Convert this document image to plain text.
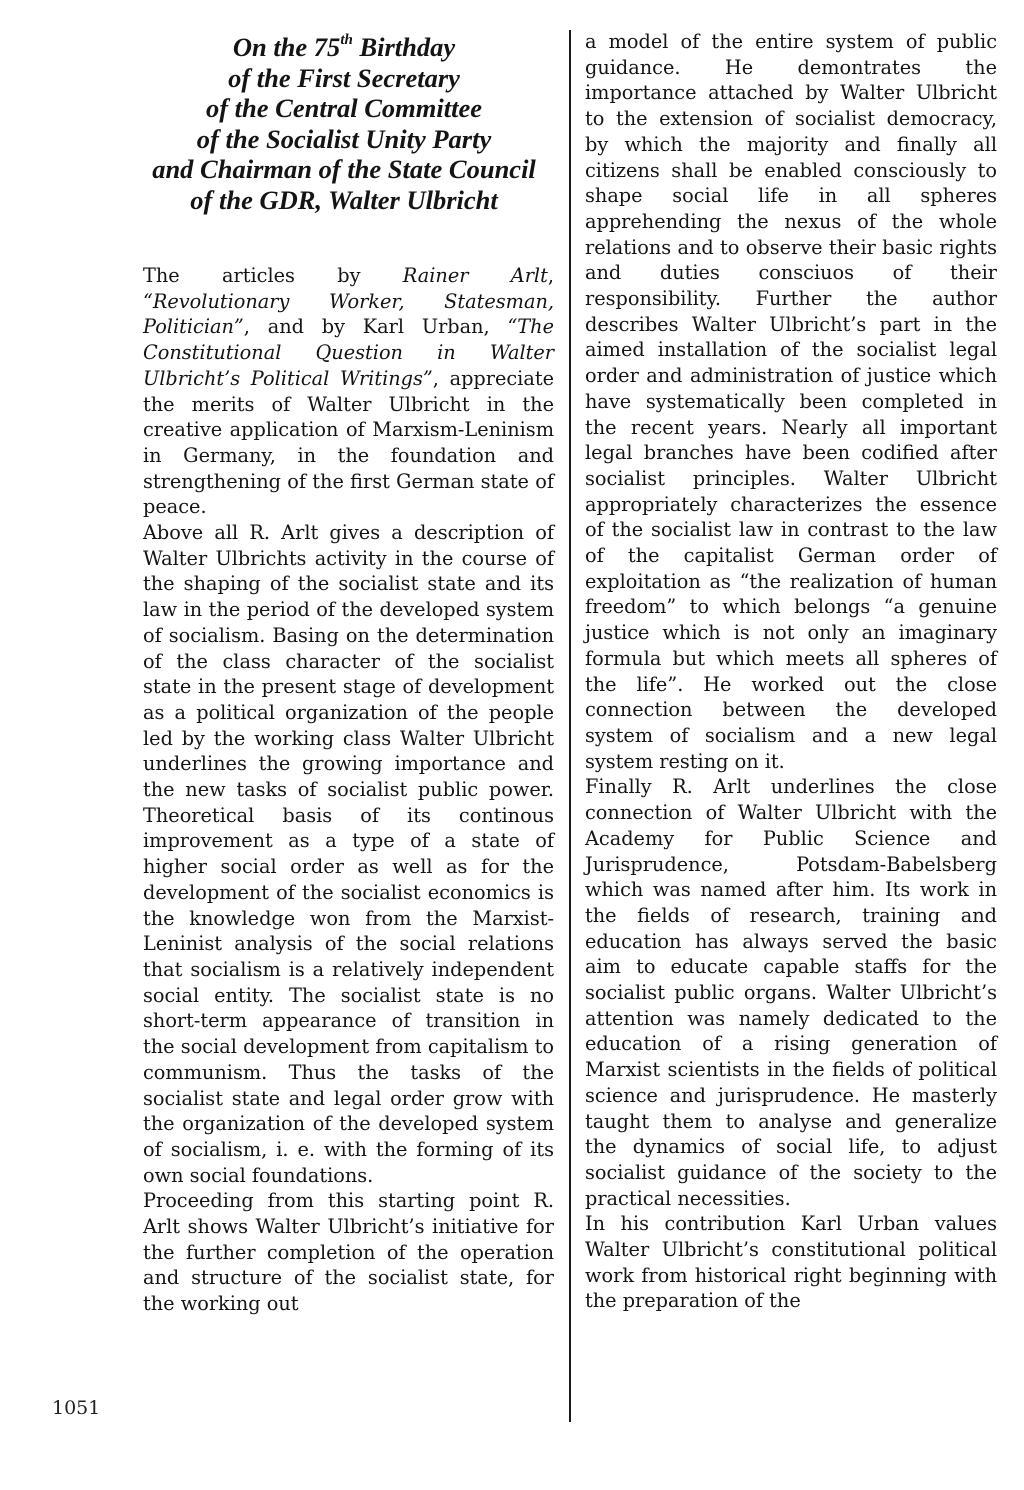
On the 75th Birthday
of the First Secretary
of the Central Committee
of the Socialist Unity Party
and Chairman of the State Council
of the GDR, Walter Ulbricht

The articles by Rainer Arlt, “Revolutionary Worker, Statesman, Politician”, and by Karl Urban, “The Constitutional Question in Walter Ulbricht’s Political Writings”, appreciate the merits of Walter Ulbricht in the creative application of Marxism-Leninism in Germany, in the foundation and strengthening of the first German state of peace.

Above all R. Arlt gives a description of Walter Ulbrichts activity in the course of the shaping of the socialist state and its law in the period of the developed system of socialism. Basing on the determination of the class character of the socialist state in the present stage of development as a political organization of the people led by the working class Walter Ulbricht underlines the growing importance and the new tasks of socialist public power. Theoretical basis of its continous improvement as a type of a state of higher social order as well as for the development of the socialist economics is the knowledge won from the Marxist-Leninist analysis of the social relations that socialism is a relatively independent social entity. The socialist state is no short-term appearance of transition in the social development from capitalism to communism. Thus the tasks of the socialist state and legal order grow with the organization of the developed system of socialism, i. e. with the forming of its own social foundations.

Proceeding from this starting point R. Arlt shows Walter Ulbricht’s initiative for the further completion of the operation and structure of the socialist state, for the working out

a model of the entire system of public guidance. He demontrates the importance attached by Walter Ulbricht to the extension of socialist democracy, by which the majority and finally all citizens shall be enabled consciously to shape social life in all spheres apprehending the nexus of the whole relations and to observe their basic rights and duties consciuos of their responsibility. Further the author describes Walter Ulbricht’s part in the aimed installation of the socialist legal order and administration of justice which have systematically been completed in the recent years. Nearly all important legal branches have been codified after socialist principles. Walter Ulbricht appropriately characterizes the essence of the socialist law in contrast to the law of the capitalist German order of exploitation as “the realization of human freedom” to which belongs “a genuine justice which is not only an imaginary formula but which meets all spheres of the life”. He worked out the close connection between the developed system of socialism and a new legal system resting on it.

Finally R. Arlt underlines the close connection of Walter Ulbricht with the Academy for Public Science and Jurisprudence, Potsdam-Babelsberg which was named after him. Its work in the fields of research, training and education has always served the basic aim to educate capable staffs for the socialist public organs. Walter Ulbricht’s attention was namely dedicated to the education of a rising generation of Marxist scientists in the fields of political science and jurisprudence. He masterly taught them to analyse and generalize the dynamics of social life, to adjust socialist guidance of the society to the practical necessities.

In his contribution Karl Urban values Walter Ulbricht’s constitutional political work from historical right beginning with the preparation of the

1051
